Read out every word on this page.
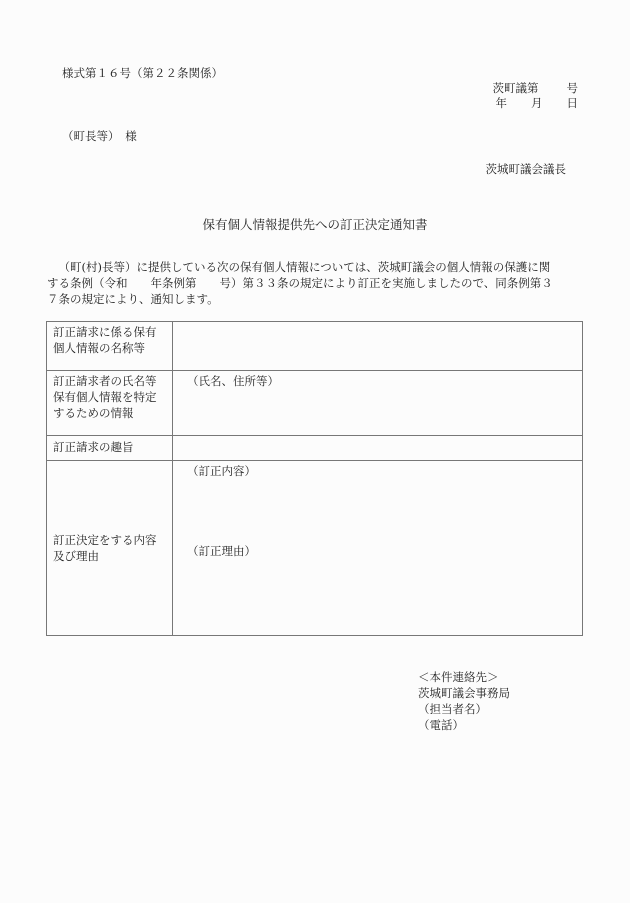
様式第１６号（第２２条関係）
茨町議第 号
年 月 日
（町長等）　様
茨城町議会議長
保有個人情報提供先への訂正決定通知書
（町(村)長等）に提供している次の保有個人情報については、茨城町議会の個人情報の保護に関
する条例（令和　　年条例第　　号）第３３条の規定により訂正を実施しましたので、同条例第３
７条の規定により、通知します。
訂正請求に係る保有個人情報の名称等	
訂正請求者の氏名等保有個人情報を特定するための情報	（氏名、住所等）

訂正請求の趣旨	
訂正決定をする内容及び理由	（訂正内容）
（訂正理由）
＜本件連絡先＞
茨城町議会事務局
（担当者名）
（電話）
